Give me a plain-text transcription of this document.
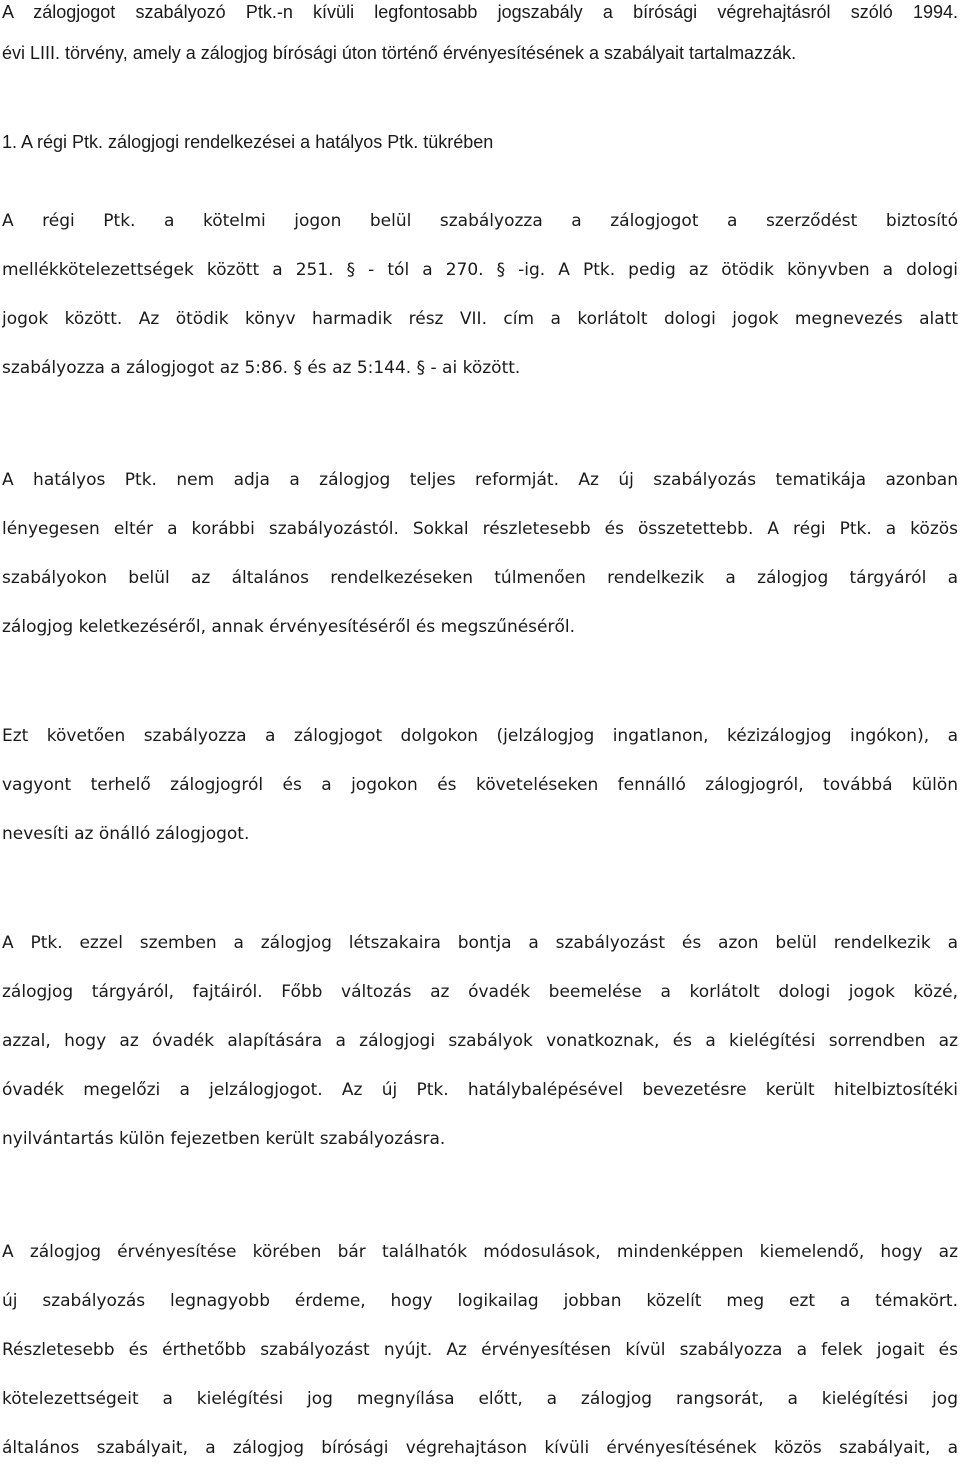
A zálogjogot szabályozó Ptk.-n kívüli legfontosabb jogszabály a bírósági végrehajtásról szóló 1994.
évi LIII. törvény, amely a zálogjog bírósági úton történő érvényesítésének a szabályait tartalmazzák.
1. A régi Ptk. zálogjogi rendelkezései a hatályos Ptk. tükrében
A régi Ptk. a kötelmi jogon belül szabályozza a zálogjogot a szerződést biztosító
mellékkötelezettségek között a 251. § - tól a 270. § -ig. A Ptk. pedig az ötödik könyvben a dologi
jogok között. Az ötödik könyv harmadik rész VII. cím a korlátolt dologi jogok megnevezés alatt
szabályozza a zálogjogot az 5:86. § és az 5:144. § - ai között.
A hatályos Ptk. nem adja a zálogjog teljes reformját. Az új szabályozás tematikája azonban
lényegesen eltér a korábbi szabályozástól. Sokkal részletesebb és összetettebb. A régi Ptk. a közös
szabályokon belül az általános rendelkezéseken túlmenően rendelkezik a zálogjog tárgyáról a
zálogjog keletkezéséről, annak érvényesítéséről és megszűnéséről.
Ezt követően szabályozza a zálogjogot dolgokon (jelzálogjog ingatlanon, kézizálogjog ingókon), a
vagyont terhelő zálogjogról és a jogokon és követeléseken fennálló zálogjogról, továbbá külön
nevesíti az önálló zálogjogot.
A Ptk. ezzel szemben a zálogjog létszakaira bontja a szabályozást és azon belül rendelkezik a
zálogjog tárgyáról, fajtáiról. Főbb változás az óvadék beemelése a korlátolt dologi jogok közé,
azzal, hogy az óvadék alapítására a zálogjogi szabályok vonatkoznak, és a kielégítési sorrendben az
óvadék megelőzi a jelzálogjogot. Az új Ptk. hatálybalépésével bevezetésre került hitelbiztosítéki
nyilvántartás külön fejezetben került szabályozásra.
A zálogjog érvényesítése körében bár találhatók módosulások, mindenképpen kiemelendő, hogy az
új szabályozás legnagyobb érdeme, hogy logikailag jobban közelít meg ezt a témakört.
Részletesebb és érthetőbb szabályozást nyújt. Az érvényesítésen kívül szabályozza a felek jogait és
kötelezettségeit a kielégítési jog megnyílása előtt, a zálogjog rangsorát, a kielégítési jog
általános szabályait, a zálogjog bírósági végrehajtáson kívüli érvényesítésének közös szabályait, a
